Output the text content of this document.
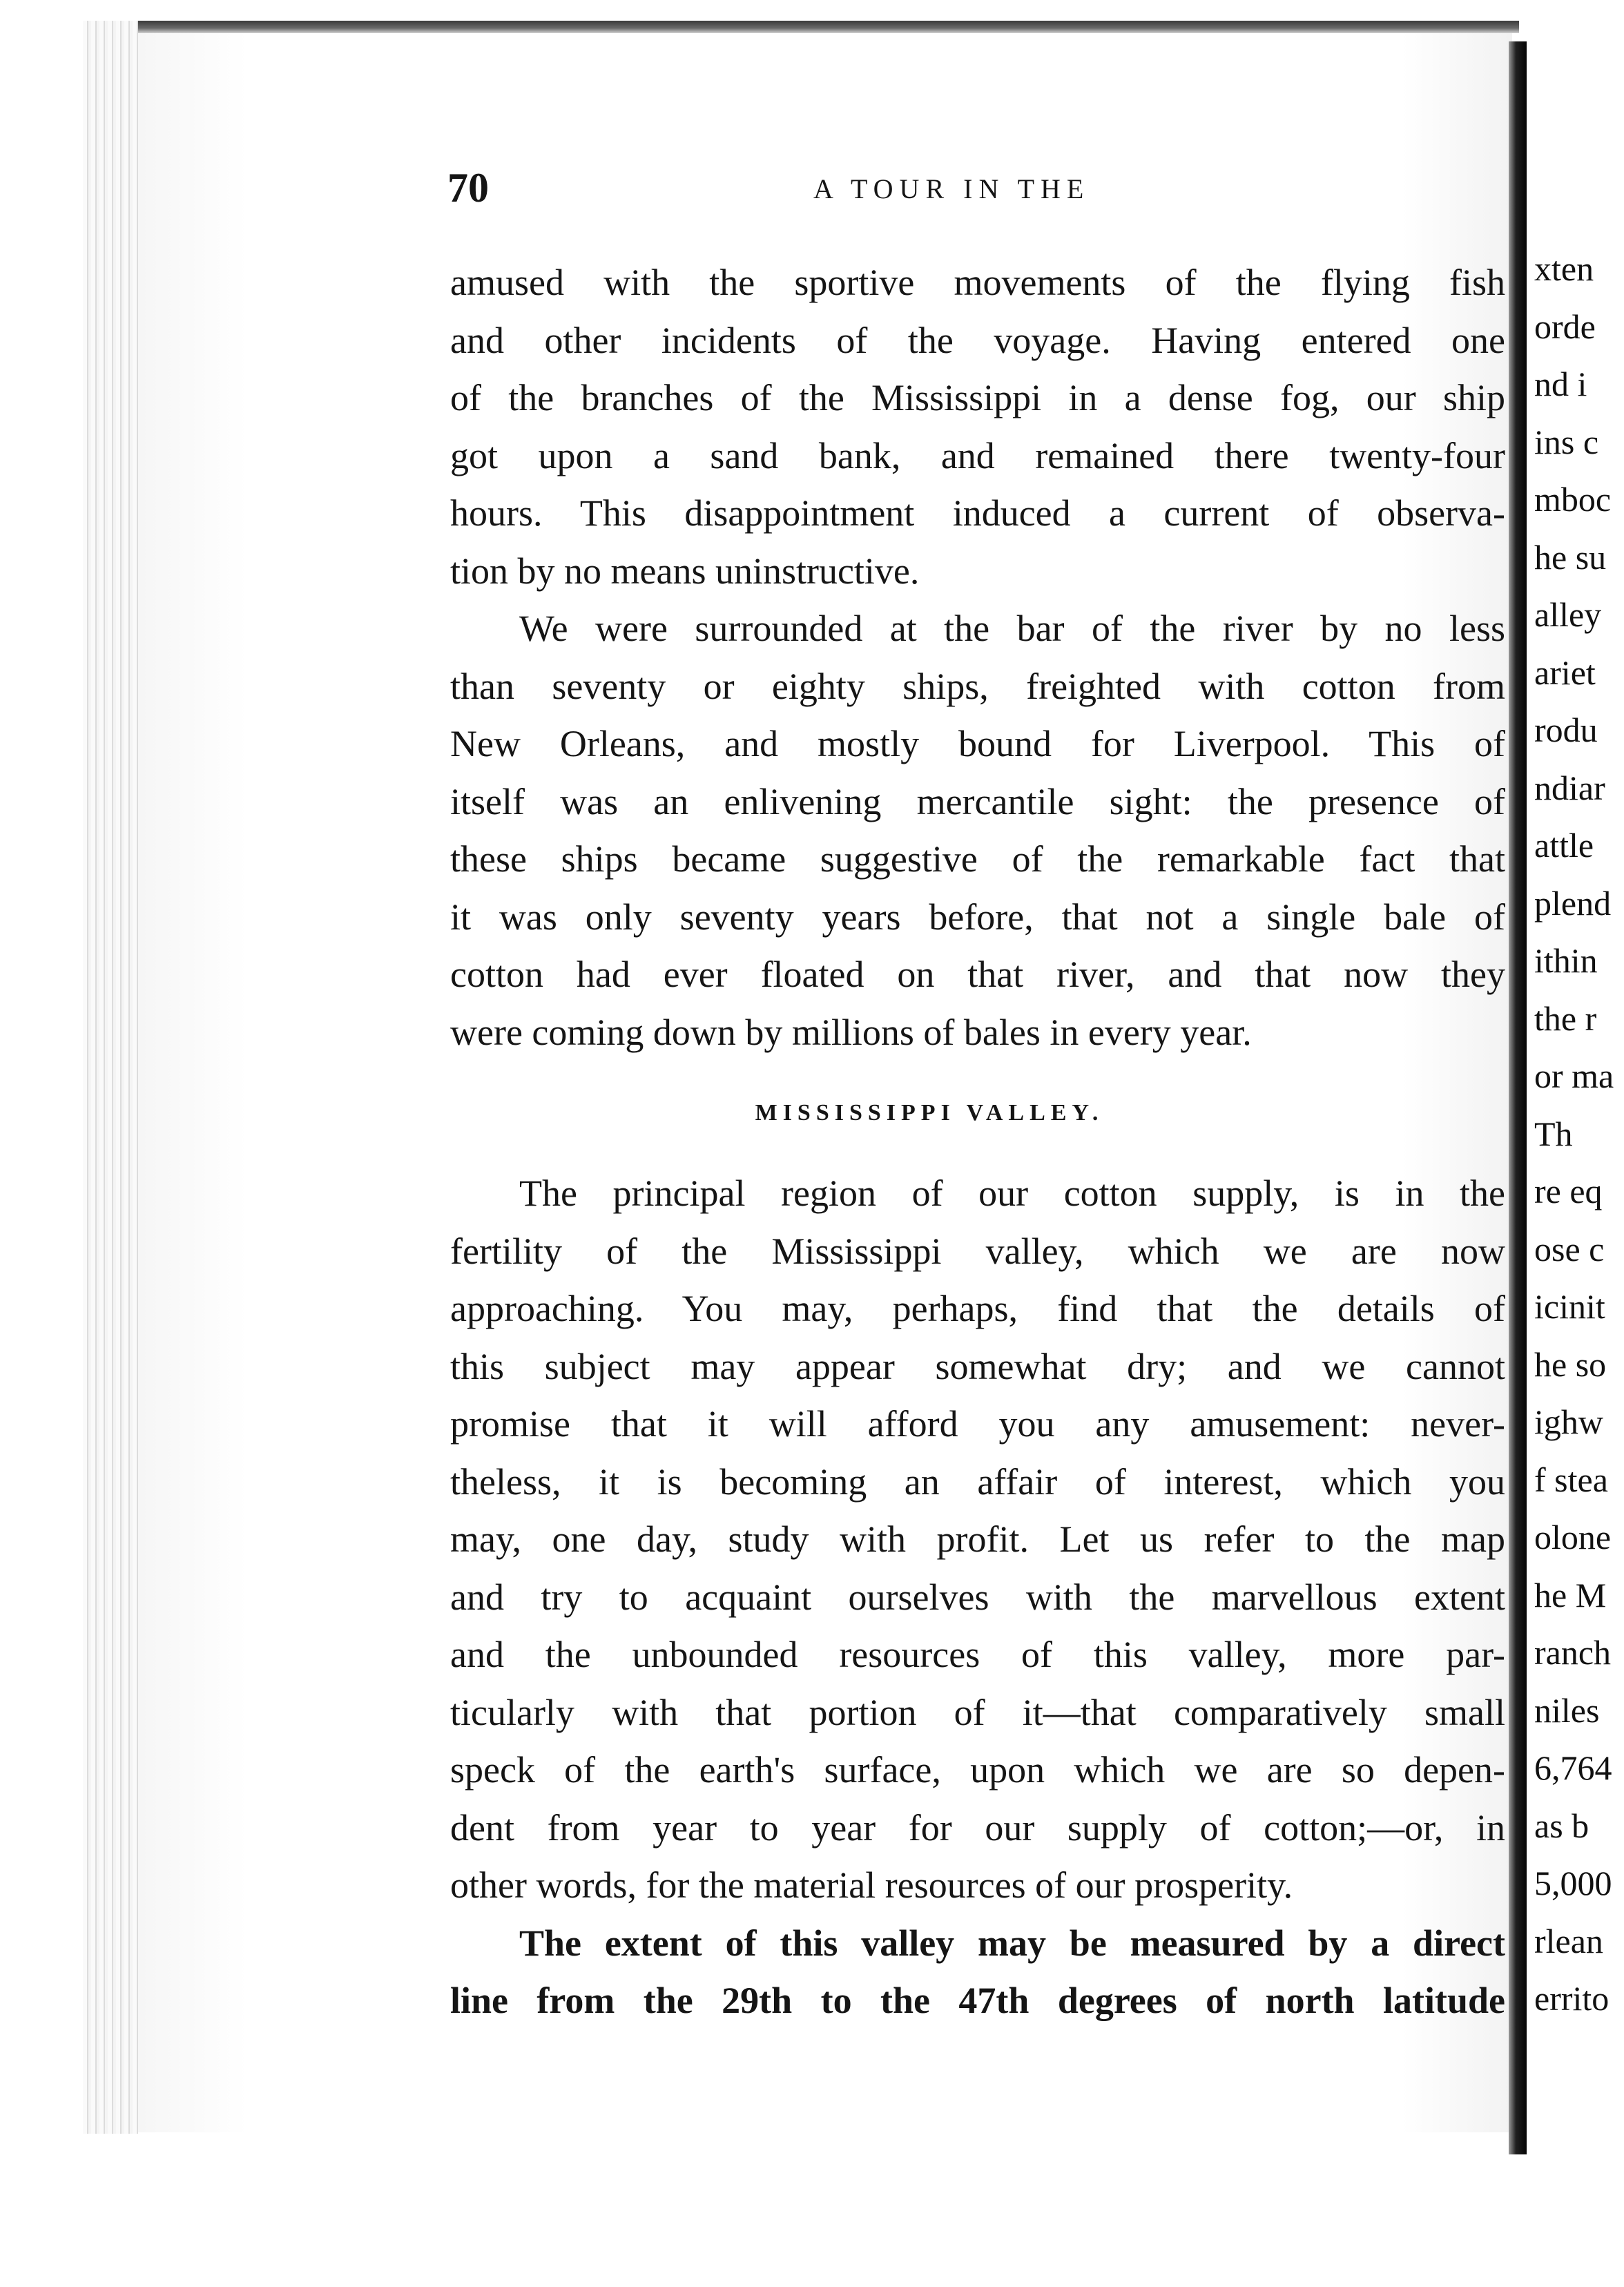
70	A TOUR IN THE
amused with the sportive movements of the flying fish
and other incidents of the voyage. Having entered one
of the branches of the Mississippi in a dense fog, our ship
got upon a sand bank, and remained there twenty-four
hours. This disappointment induced a current of observa-
tion by no means uninstructive.
We were surrounded at the bar of the river by no less
than seventy or eighty ships, freighted with cotton from
New Orleans, and mostly bound for Liverpool. This of
itself was an enlivening mercantile sight: the presence of
these ships became suggestive of the remarkable fact that
it was only seventy years before, that not a single bale of
cotton had ever floated on that river, and that now they
were coming down by millions of bales in every year.
MISSISSIPPI VALLEY.
The principal region of our cotton supply, is in the
fertility of the Mississippi valley, which we are now
approaching. You may, perhaps, find that the details of
this subject may appear somewhat dry; and we cannot
promise that it will afford you any amusement: never-
theless, it is becoming an affair of interest, which you
may, one day, study with profit. Let us refer to the map
and try to acquaint ourselves with the marvellous extent
and the unbounded resources of this valley, more par-
ticularly with that portion of it—that comparatively small
speck of the earth's surface, upon which we are so depen-
dent from year to year for our supply of cotton;—or, in
other words, for the material resources of our prosperity.
The extent of this valley may be measured by a direct
line from the 29th to the 47th degrees of north latitude
xten
orde
nd i
ins c
mboc
he su
alley
ariet
rodu
ndiar
attle
plend
ithin
the r
or ma
Th
re eq
ose c
icinit
he so
ighw
f stea
olone
he M
ranch
niles
6,764
as b
5,000
rlean
errito
